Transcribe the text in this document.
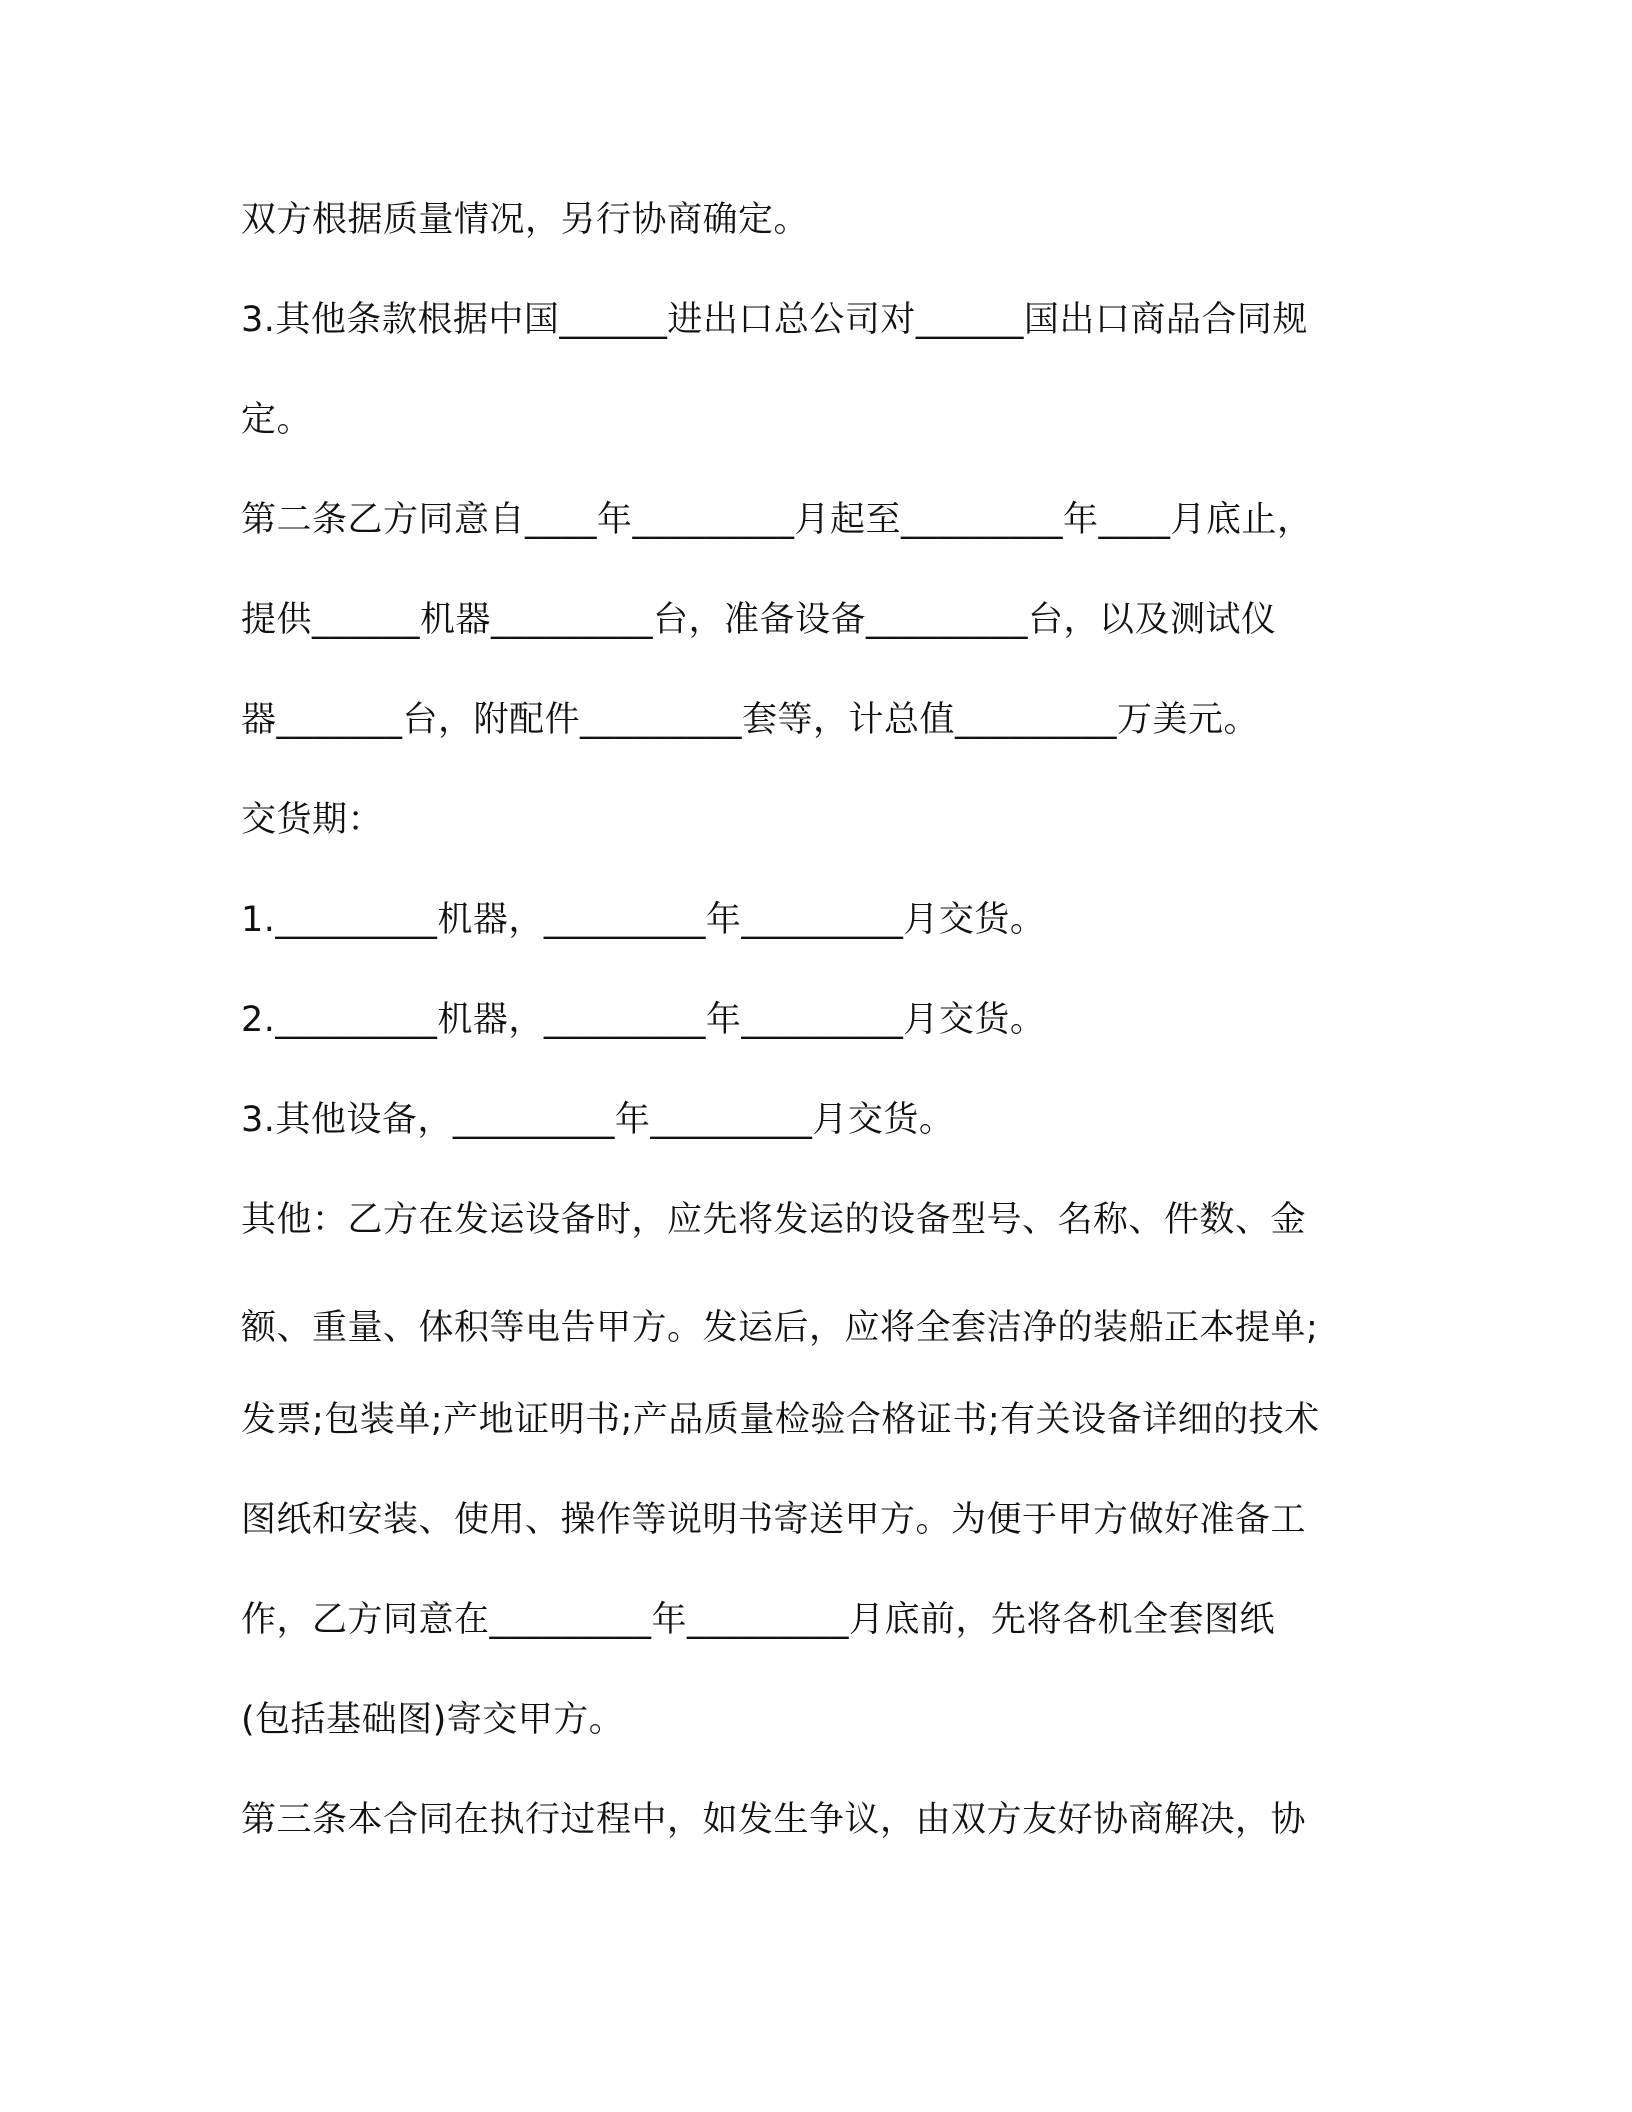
双方根据质量情况，另行协商确定。
3.其他条款根据中国______进出口总公司对______国出口商品合同规
定。
第二条乙方同意自____年_________月起至_________年____月底止，
提供______机器_________台，准备设备_________台，以及测试仪
器_______台，附配件_________套等，计总值_________万美元。
交货期：
1._________机器，_________年_________月交货。
2._________机器，_________年_________月交货。
3.其他设备，_________年_________月交货。
其他：乙方在发运设备时，应先将发运的设备型号、名称、件数、金
额、重量、体积等电告甲方。发运后，应将全套洁净的装船正本提单;
发票;包装单;产地证明书;产品质量检验合格证书;有关设备详细的技术
图纸和安装、使用、操作等说明书寄送甲方。为便于甲方做好准备工
作，乙方同意在_________年_________月底前，先将各机全套图纸
(包括基础图)寄交甲方。
第三条本合同在执行过程中，如发生争议，由双方友好协商解决，协
